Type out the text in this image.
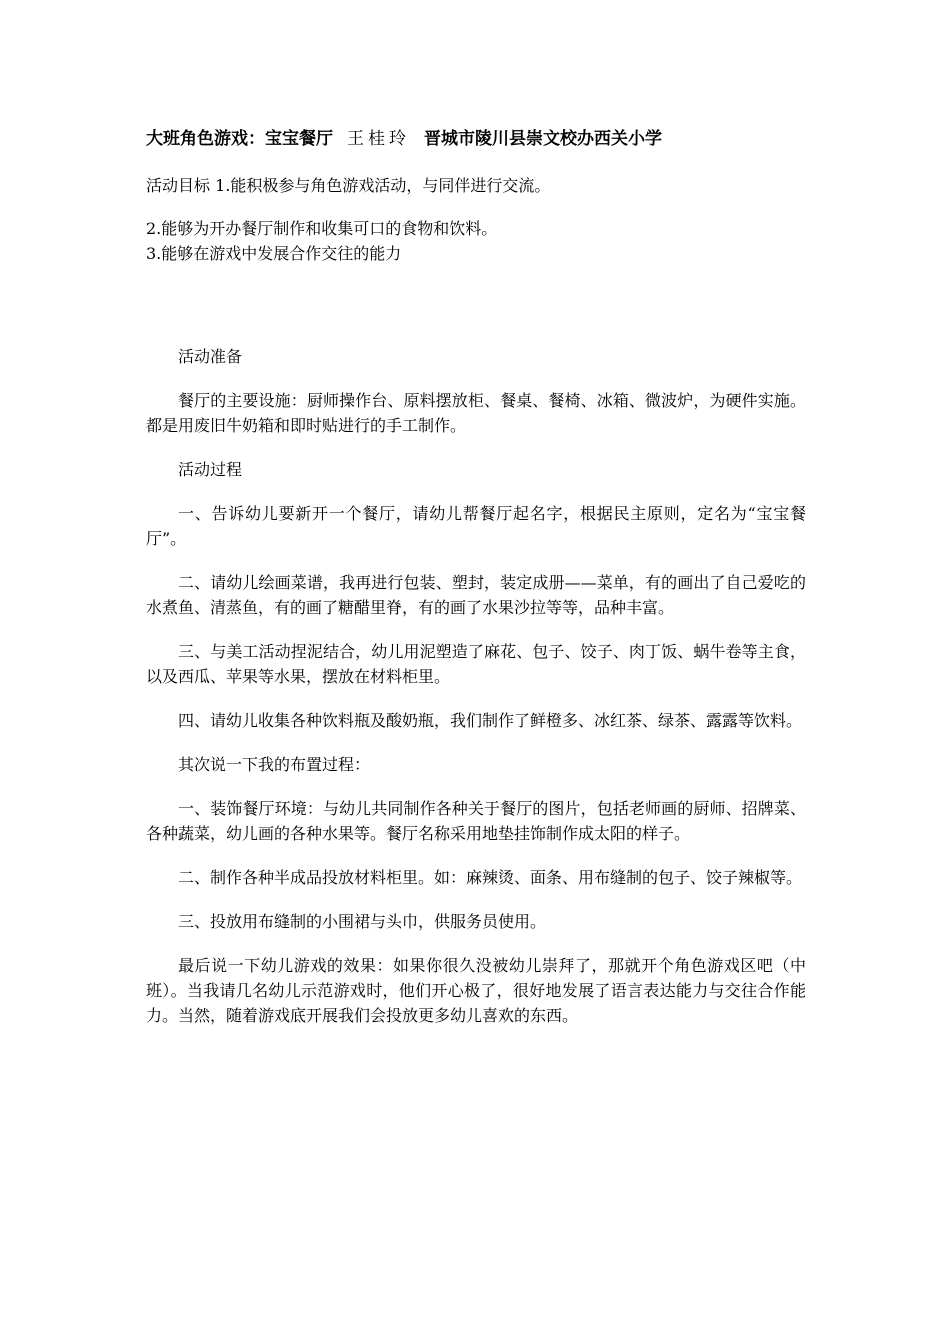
大班角色游戏：宝宝餐厅 王桂玲 晋城市陵川县崇文校办西关小学

活动目标 1.能积极参与角色游戏活动，与同伴进行交流。

2.能够为开办餐厅制作和收集可口的食物和饮料。

3.能够在游戏中发展合作交往的能力

活动准备

餐厅的主要设施：厨师操作台、原料摆放柜、餐桌、餐椅、冰箱、微波炉，为硬件实施。都是用废旧牛奶箱和即时贴进行的手工制作。

活动过程

一、告诉幼儿要新开一个餐厅，请幼儿帮餐厅起名字，根据民主原则，定名为“宝宝餐厅”。

二、请幼儿绘画菜谱，我再进行包装、塑封，装定成册——菜单，有的画出了自己爱吃的水煮鱼、清蒸鱼，有的画了糖醋里脊，有的画了水果沙拉等等，品种丰富。

三、与美工活动捏泥结合，幼儿用泥塑造了麻花、包子、饺子、肉丁饭、蜗牛卷等主食，以及西瓜、苹果等水果，摆放在材料柜里。

四、请幼儿收集各种饮料瓶及酸奶瓶，我们制作了鲜橙多、冰红茶、绿茶、露露等饮料。

其次说一下我的布置过程：

一、装饰餐厅环境：与幼儿共同制作各种关于餐厅的图片，包括老师画的厨师、招牌菜、各种蔬菜，幼儿画的各种水果等。餐厅名称采用地垫挂饰制作成太阳的样子。

二、制作各种半成品投放材料柜里。如：麻辣烫、面条、用布缝制的包子、饺子辣椒等。

三、投放用布缝制的小围裙与头巾，供服务员使用。

最后说一下幼儿游戏的效果：如果你很久没被幼儿崇拜了，那就开个角色游戏区吧（中班）。当我请几名幼儿示范游戏时，他们开心极了，很好地发展了语言表达能力与交往合作能力。当然，随着游戏底开展我们会投放更多幼儿喜欢的东西。
